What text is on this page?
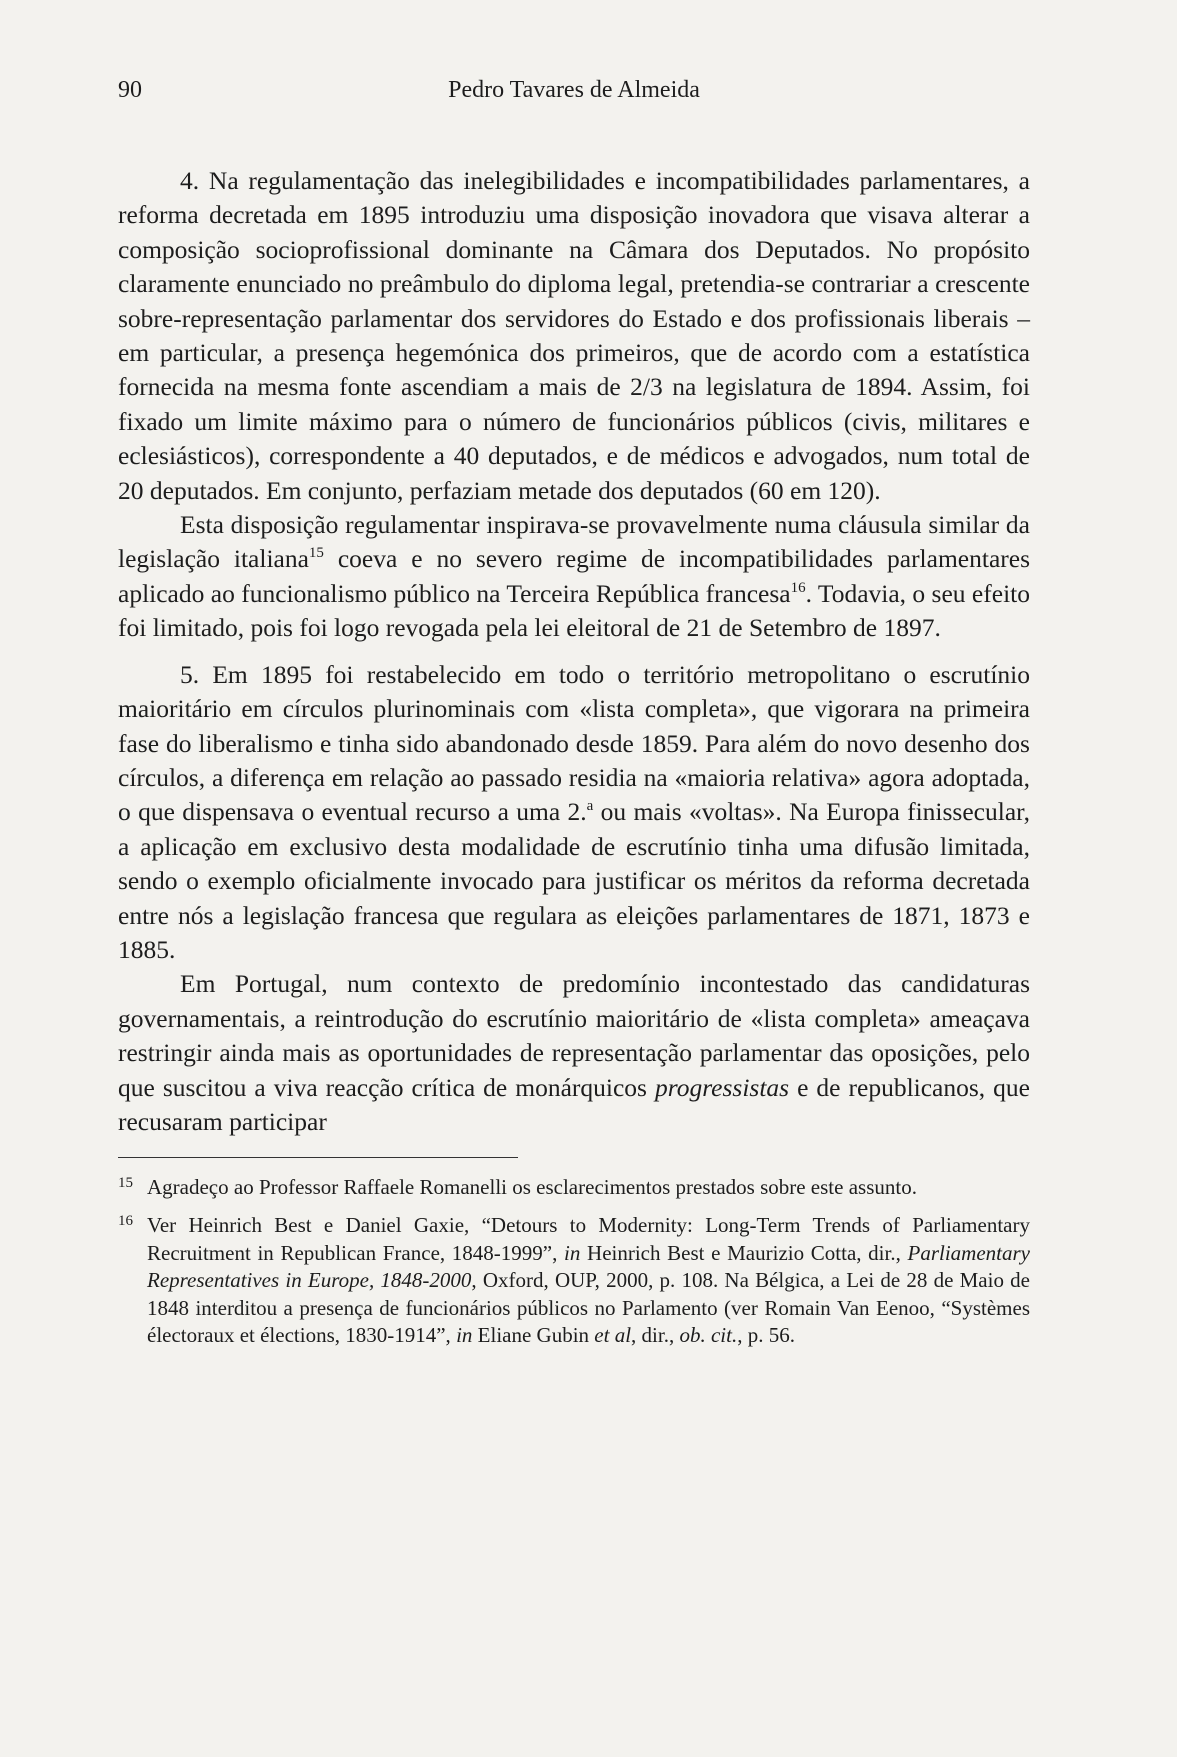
90	Pedro Tavares de Almeida

4. Na regulamentação das inelegibilidades e incompatibilidades parlamentares, a reforma decretada em 1895 introduziu uma disposição inovadora que visava alterar a composição socioprofissional dominante na Câmara dos Deputados. No propósito claramente enunciado no preâmbulo do diploma legal, pretendia-se contrariar a crescente sobre-representação parlamentar dos servidores do Estado e dos profissionais liberais – em particular, a presença hegemónica dos primeiros, que de acordo com a estatística fornecida na mesma fonte ascendiam a mais de 2/3 na legislatura de 1894. Assim, foi fixado um limite máximo para o número de funcionários públicos (civis, militares e eclesiásticos), correspondente a 40 deputados, e de médicos e advogados, num total de 20 deputados. Em conjunto, perfaziam metade dos deputados (60 em 120).

Esta disposição regulamentar inspirava-se provavelmente numa cláusula similar da legislação italiana$^{15}$ coeva e no severo regime de incompatibilidades parlamentares aplicado ao funcionalismo público na Terceira República francesa$^{16}$. Todavia, o seu efeito foi limitado, pois foi logo revogada pela lei eleitoral de 21 de Setembro de 1897.

5. Em 1895 foi restabelecido em todo o território metropolitano o escrutínio maioritário em círculos plurinominais com «lista completa», que vigorara na primeira fase do liberalismo e tinha sido abandonado desde 1859. Para além do novo desenho dos círculos, a diferença em relação ao passado residia na «maioria relativa» agora adoptada, o que dispensava o eventual recurso a uma 2.$^a$ ou mais «voltas». Na Europa finissecular, a aplicação em exclusivo desta modalidade de escrutínio tinha uma difusão limitada, sendo o exemplo oficialmente invocado para justificar os méritos da reforma decretada entre nós a legislação francesa que regulara as eleições parlamentares de 1871, 1873 e 1885.

Em Portugal, num contexto de predomínio incontestado das candidaturas governamentais, a reintrodução do escrutínio maioritário de «lista completa» ameaçava restringir ainda mais as oportunidades de representação parlamentar das oposições, pelo que suscitou a viva reacção crítica de monárquicos progressistas e de republicanos, que recusaram participar

15 Agradeço ao Professor Raffaele Romanelli os esclarecimentos prestados sobre este assunto.
16 Ver Heinrich Best e Daniel Gaxie, “Detours to Modernity: Long-Term Trends of Parliamentary Recruitment in Republican France, 1848-1999”, in Heinrich Best e Maurizio Cotta, dir., Parliamentary Representatives in Europe, 1848-2000, Oxford, OUP, 2000, p. 108. Na Bélgica, a Lei de 28 de Maio de 1848 interditou a presença de funcionários públicos no Parlamento (ver Romain Van Eenoo, “Systèmes électoraux et élections, 1830-1914”, in Eliane Gubin et al, dir., ob. cit., p. 56.
